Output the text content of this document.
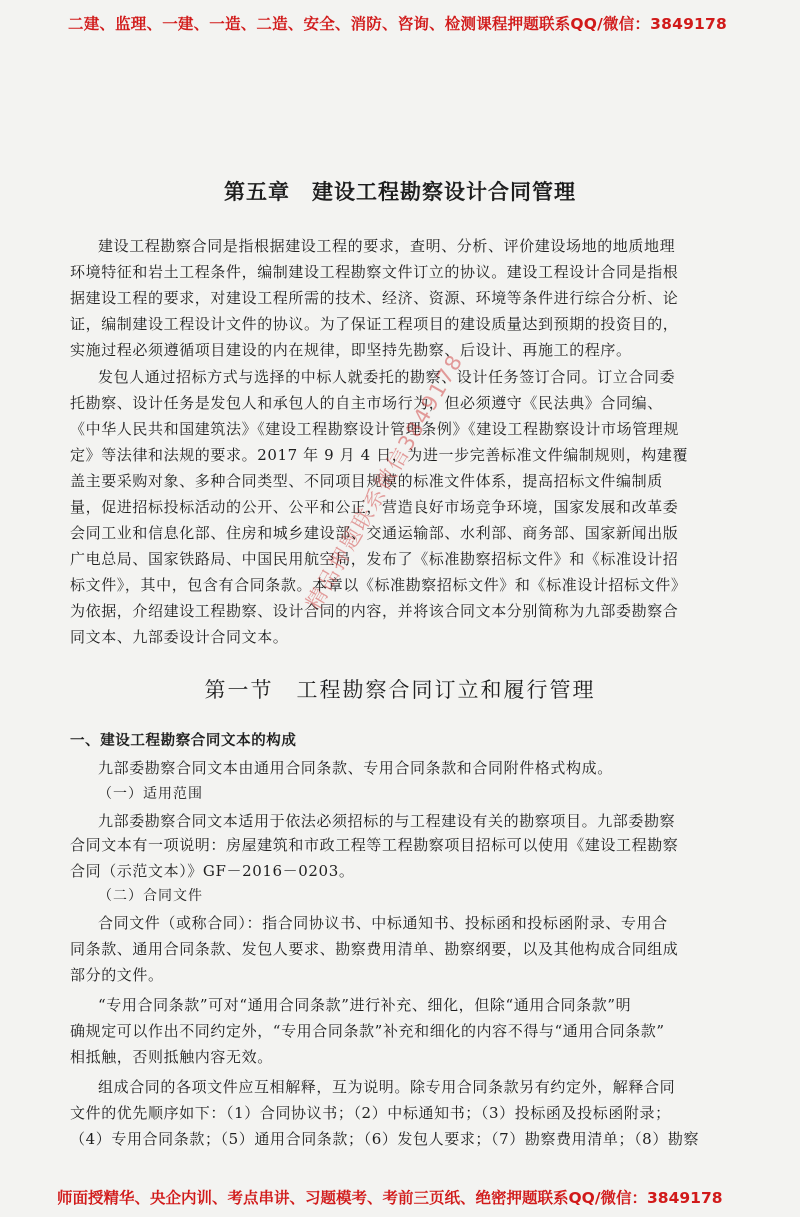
二建、监理、一建、一造、二造、安全、消防、咨询、检测课程押题联系QQ/微信：3849178
第五章　建设工程勘察设计合同管理
建设工程勘察合同是指根据建设工程的要求，查明、分析、评价建设场地的地质地理
环境特征和岩土工程条件，编制建设工程勘察文件订立的协议。建设工程设计合同是指根
据建设工程的要求，对建设工程所需的技术、经济、资源、环境等条件进行综合分析、论
证，编制建设工程设计文件的协议。为了保证工程项目的建设质量达到预期的投资目的，
实施过程必须遵循项目建设的内在规律，即坚持先勘察、后设计、再施工的程序。
发包人通过招标方式与选择的中标人就委托的勘察、设计任务签订合同。订立合同委
托勘察、设计任务是发包人和承包人的自主市场行为，但必须遵守《民法典》合同编、
《中华人民共和国建筑法》《建设工程勘察设计管理条例》《建设工程勘察设计市场管理规
定》等法律和法规的要求。2017 年 9 月 4 日，为进一步完善标准文件编制规则，构建覆
盖主要采购对象、多种合同类型、不同项目规模的标准文件体系，提高招标文件编制质
量，促进招标投标活动的公开、公平和公正，营造良好市场竞争环境，国家发展和改革委
会同工业和信息化部、住房和城乡建设部、交通运输部、水利部、商务部、国家新闻出版
广电总局、国家铁路局、中国民用航空局，发布了《标准勘察招标文件》和《标准设计招
标文件》，其中，包含有合同条款。本章以《标准勘察招标文件》和《标准设计招标文件》
为依据，介绍建设工程勘察、设计合同的内容，并将该合同文本分别简称为九部委勘察合
同文本、九部委设计合同文本。
第一节　工程勘察合同订立和履行管理
一、建设工程勘察合同文本的构成
九部委勘察合同文本由通用合同条款、专用合同条款和合同附件格式构成。
（一）适用范围
九部委勘察合同文本适用于依法必须招标的与工程建设有关的勘察项目。九部委勘察
合同文本有一项说明：房屋建筑和市政工程等工程勘察项目招标可以使用《建设工程勘察
合同（示范文本）》GF－2016－0203。
（二）合同文件
合同文件（或称合同）：指合同协议书、中标通知书、投标函和投标函附录、专用合
同条款、通用合同条款、发包人要求、勘察费用清单、勘察纲要，以及其他构成合同组成
部分的文件。
“专用合同条款”可对“通用合同条款”进行补充、细化，但除“通用合同条款”明
确规定可以作出不同约定外，“专用合同条款”补充和细化的内容不得与“通用合同条款”
相抵触，否则抵触内容无效。
组成合同的各项文件应互相解释，互为说明。除专用合同条款另有约定外，解释合同
文件的优先顺序如下：（1）合同协议书；（2）中标通知书；（3）投标函及投标函附录；
（4）专用合同条款；（5）通用合同条款；（6）发包人要求；（7）勘察费用清单；（8）勘察
精品押题联系微信3849178
师面授精华、央企内训、考点串讲、习题模考、考前三页纸、绝密押题联系QQ/微信：3849178
